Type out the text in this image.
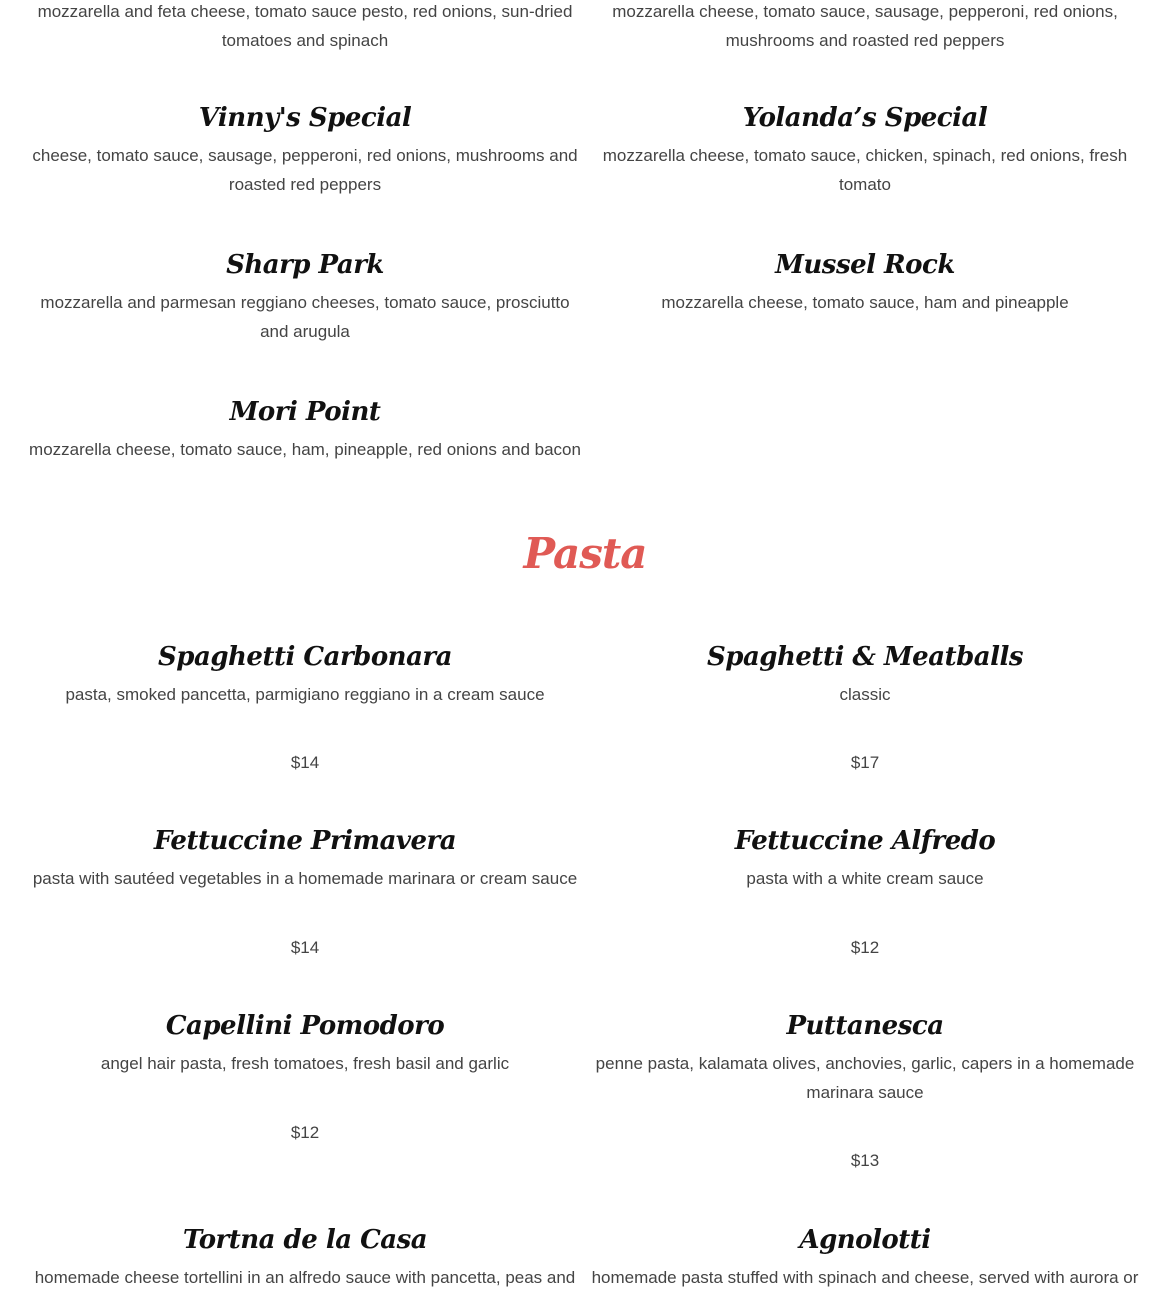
mozzarella and feta cheese, tomato sauce pesto, red onions, sun-dried tomatoes and spinach

mozzarella cheese, tomato sauce, sausage, pepperoni, red onions, mushrooms and roasted red peppers

Vinny's Special

cheese, tomato sauce, sausage, pepperoni, red onions, mushrooms and roasted red peppers

Yolanda’s Special

mozzarella cheese, tomato sauce, chicken, spinach, red onions, fresh tomato

Sharp Park

mozzarella and parmesan reggiano cheeses, tomato sauce, prosciutto and arugula

Mussel Rock

mozzarella cheese, tomato sauce, ham and pineapple

Mori Point

mozzarella cheese, tomato sauce, ham, pineapple, red onions and bacon

Pasta
Spaghetti Carbonara

pasta, smoked pancetta, parmigiano reggiano in a cream sauce

$14
Spaghetti & Meatballs

classic

$17
Fettuccine Primavera

pasta with sautéed vegetables in a homemade marinara or cream sauce

$14
Fettuccine Alfredo

pasta with a white cream sauce

$12
Capellini Pomodoro

angel hair pasta, fresh tomatoes, fresh basil and garlic

$12
Puttanesca

penne pasta, kalamata olives, anchovies, garlic, capers in a homemade marinara sauce

$13
Tortna de la Casa

homemade cheese tortellini in an alfredo sauce with pancetta, peas and

Agnolotti

homemade pasta stuffed with spinach and cheese, served with aurora or
